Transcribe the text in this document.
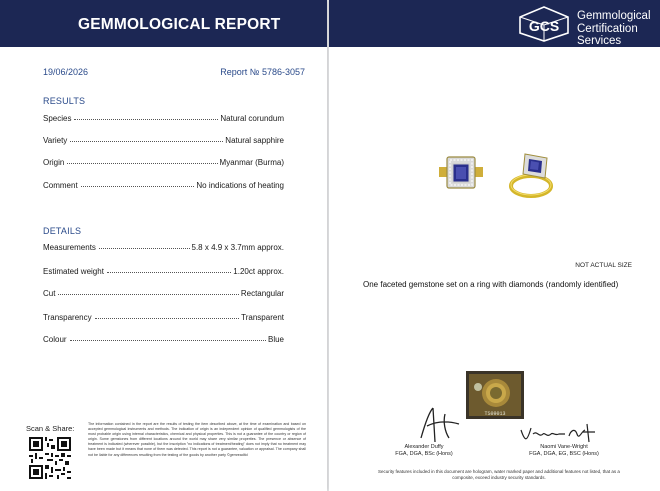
GEMMOLOGICAL REPORT
19/06/2026	Report № 5786-3057
RESULTS
Species	Natural corundum
Variety	Natural sapphire
Origin	Myanmar (Burma)
Comment	No indications of heating
DETAILS
Measurements	5.8 x 4.9 x 3.7mm approx.
Estimated weight	1.20ct approx.
Cut	Rectangular
Transparency	Transparent
Colour	Blue
Scan & Share:	The information contained in the report are the results of testing the item described above, at the time of examination and based on accepted gemmological instruments and methods. The indication of origin is an independent opinion of qualified gemmologists of the most probable origin using internal characteristics, chemical and physical properties. This is not a guarantee of the country or region of origin. Some gemstones from different locations around the world may share very similar properties. The presence or absence of treatment is indicated (wherever possible), but the inscription "no indications of treatment/heating" does not imply that no treatment may have been made but it means that none of them was detected. This report is not a guarantee, valuation or appraisal. The company shall not be liable for any differences resulting from the testing of the goods by another party ©gemreadltd
GCS
Gemmological
Certification
Services
NOT ACTUAL SIZE
One faceted gemstone set on a ring with diamonds (randomly identified)
TS09013
Alexander Duffy
FGA, DGA, BSc (Hons)
Naomi Vane-Wright
FGA, DGA, EG, BSC (Hons)
Security features included in this document are hologram, water marked paper and additional features not listed, that as a composite, exceed industry security standards.
